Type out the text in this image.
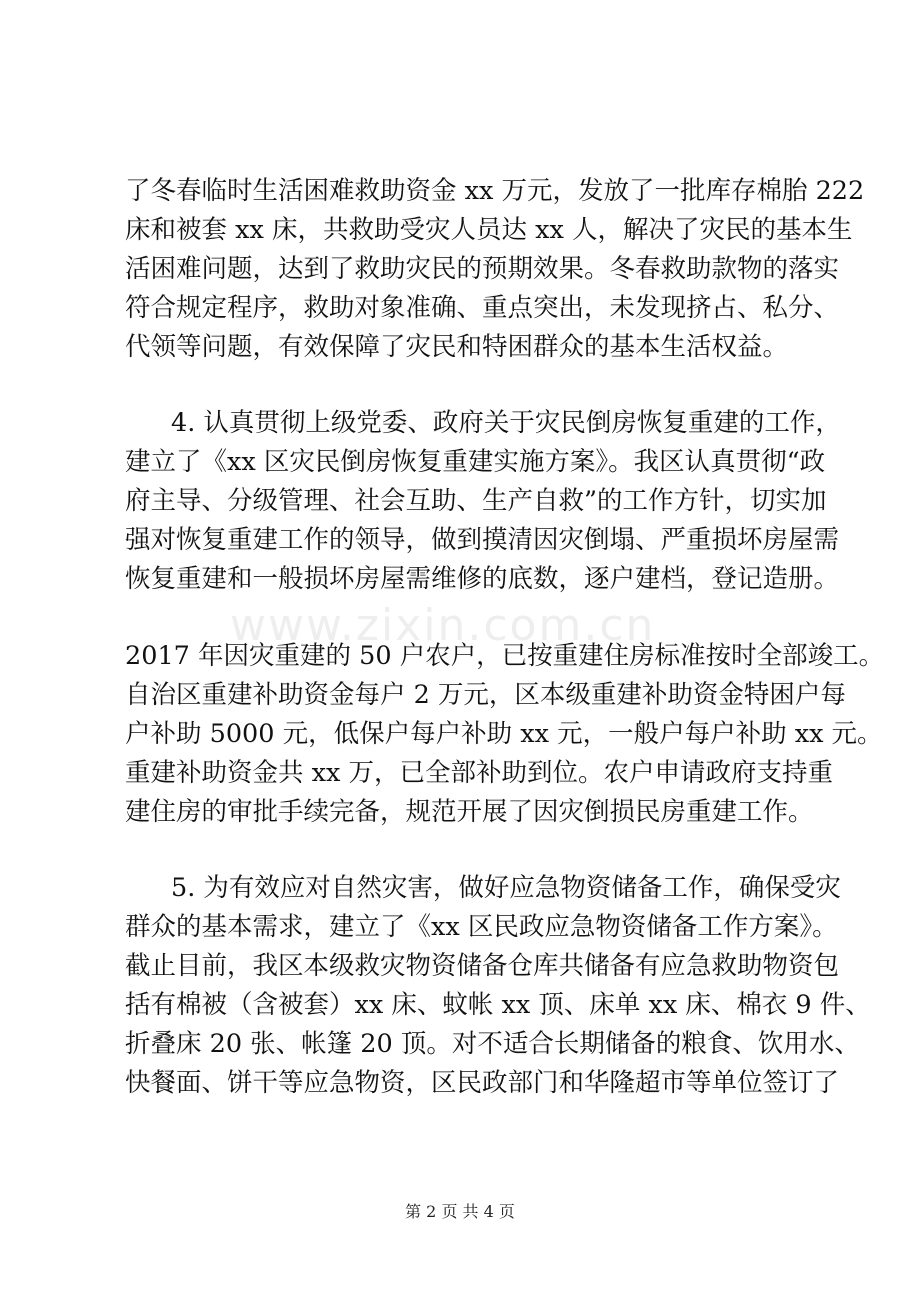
www.zixin.com.cn
了冬春临时生活困难救助资金 xx 万元，发放了一批库存棉胎 222
床和被套 xx 床，共救助受灾人员达 xx 人，解决了灾民的基本生
活困难问题，达到了救助灾民的预期效果。冬春救助款物的落实
符合规定程序，救助对象准确、重点突出，未发现挤占、私分、
代领等问题，有效保障了灾民和特困群众的基本生活权益。
4. 认真贯彻上级党委、政府关于灾民倒房恢复重建的工作，
建立了《xx 区灾民倒房恢复重建实施方案》。我区认真贯彻“政
府主导、分级管理、社会互助、生产自救”的工作方针，切实加
强对恢复重建工作的领导，做到摸清因灾倒塌、严重损坏房屋需
恢复重建和一般损坏房屋需维修的底数，逐户建档，登记造册。
2017 年因灾重建的 50 户农户，已按重建住房标准按时全部竣工。
自治区重建补助资金每户 2 万元，区本级重建补助资金特困户每
户补助 5000 元，低保户每户补助 xx 元，一般户每户补助 xx 元。
重建补助资金共 xx 万，已全部补助到位。农户申请政府支持重
建住房的审批手续完备，规范开展了因灾倒损民房重建工作。
5. 为有效应对自然灾害，做好应急物资储备工作，确保受灾
群众的基本需求，建立了《xx 区民政应急物资储备工作方案》。
截止目前，我区本级救灾物资储备仓库共储备有应急救助物资包
括有棉被（含被套）xx 床、蚊帐 xx 顶、床单 xx 床、棉衣 9 件、
折叠床 20 张、帐篷 20 顶。对不适合长期储备的粮食、饮用水、
快餐面、饼干等应急物资，区民政部门和华隆超市等单位签订了
第 2 页 共 4 页
